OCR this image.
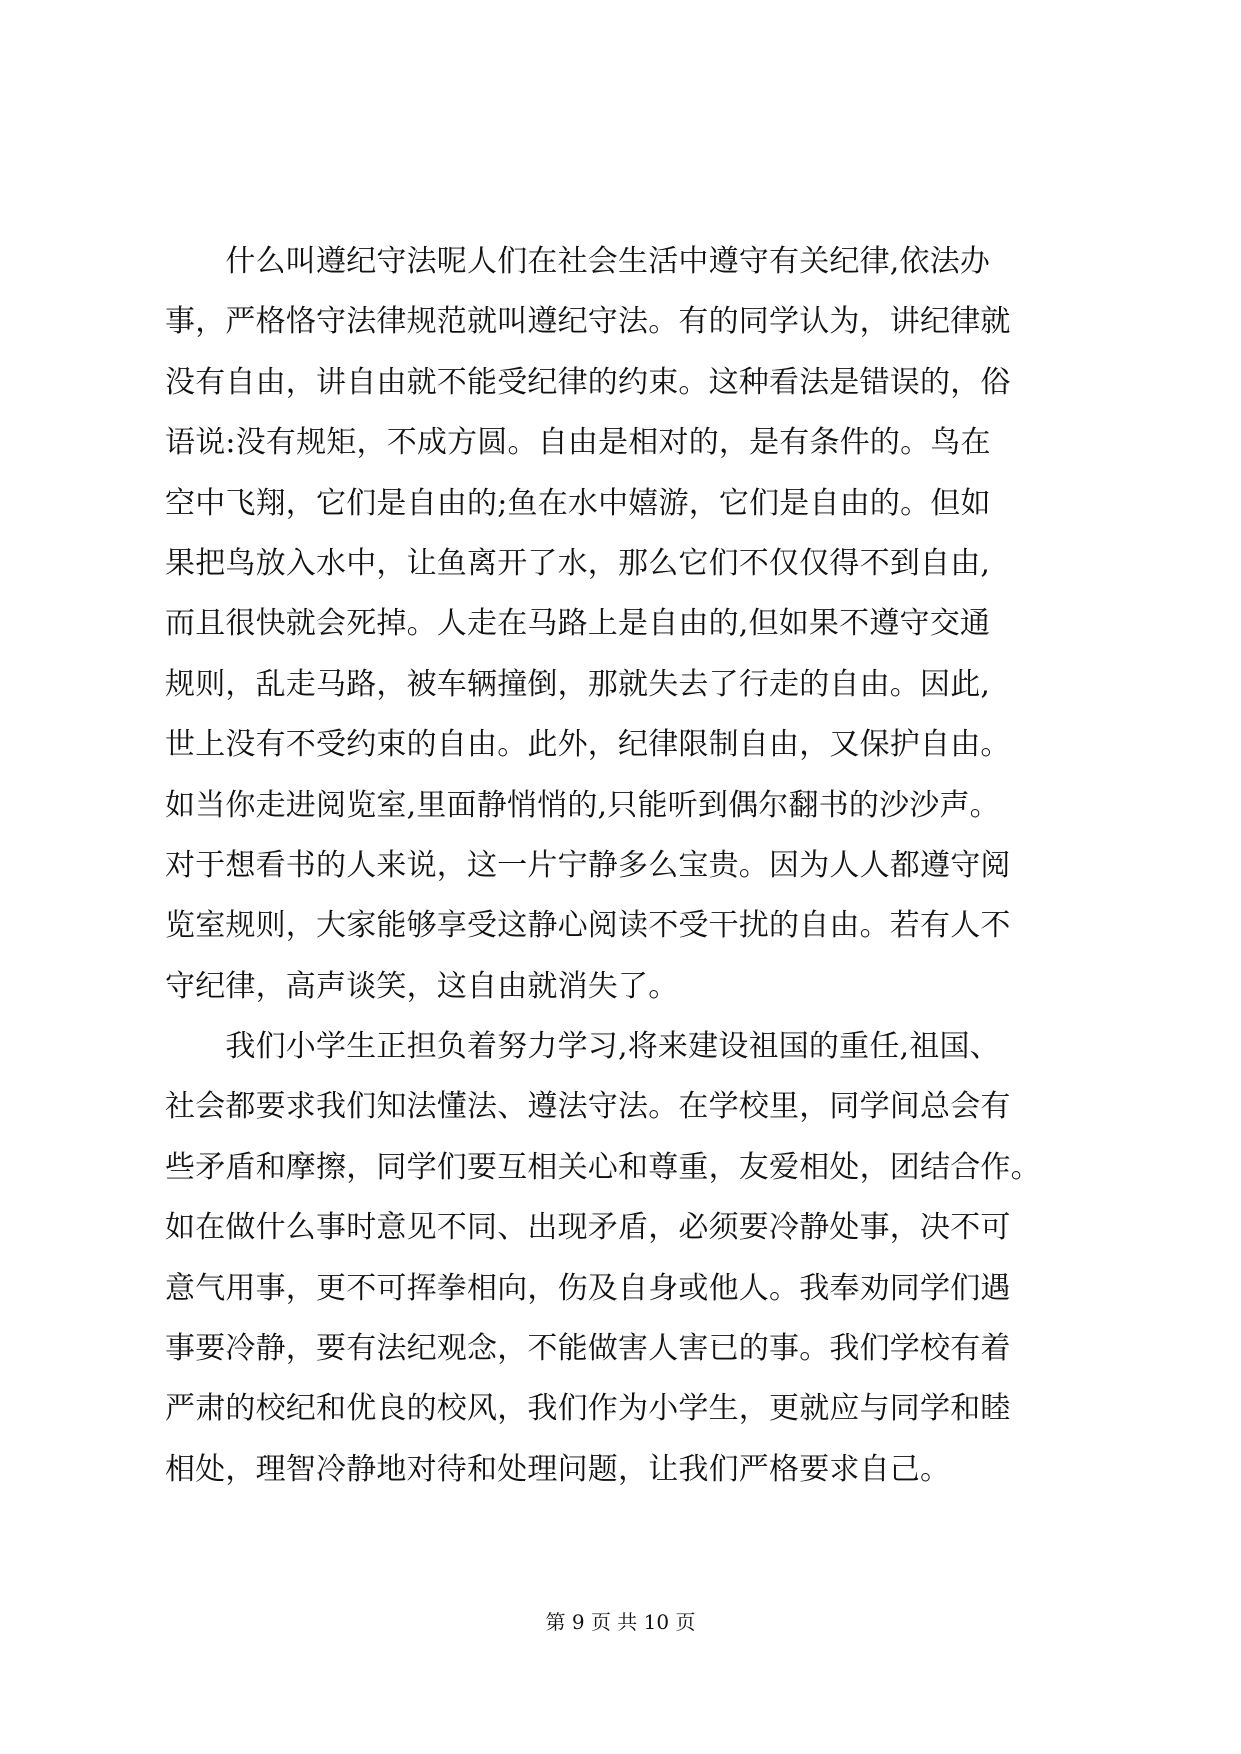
　　什么叫遵纪守法呢人们在社会生活中遵守有关纪律,依法办
事，严格恪守法律规范就叫遵纪守法。有的同学认为，讲纪律就
没有自由，讲自由就不能受纪律的约束。这种看法是错误的，俗
语说:没有规矩，不成方圆。自由是相对的，是有条件的。鸟在
空中飞翔，它们是自由的;鱼在水中嬉游，它们是自由的。但如
果把鸟放入水中，让鱼离开了水，那么它们不仅仅得不到自由,
而且很快就会死掉。人走在马路上是自由的,但如果不遵守交通
规则，乱走马路，被车辆撞倒，那就失去了行走的自由。因此,
世上没有不受约束的自由。此外，纪律限制自由，又保护自由。
如当你走进阅览室,里面静悄悄的,只能听到偶尔翻书的沙沙声。
对于想看书的人来说，这一片宁静多么宝贵。因为人人都遵守阅
览室规则，大家能够享受这静心阅读不受干扰的自由。若有人不
守纪律，高声谈笑，这自由就消失了。
　　我们小学生正担负着努力学习,将来建设祖国的重任,祖国、
社会都要求我们知法懂法、遵法守法。在学校里，同学间总会有
些矛盾和摩擦，同学们要互相关心和尊重，友爱相处，团结合作。
如在做什么事时意见不同、出现矛盾，必须要冷静处事，决不可
意气用事，更不可挥拳相向，伤及自身或他人。我奉劝同学们遇
事要冷静，要有法纪观念，不能做害人害已的事。我们学校有着
严肃的校纪和优良的校风，我们作为小学生，更就应与同学和睦
相处，理智冷静地对待和处理问题，让我们严格要求自己。
第 9 页 共 10 页
